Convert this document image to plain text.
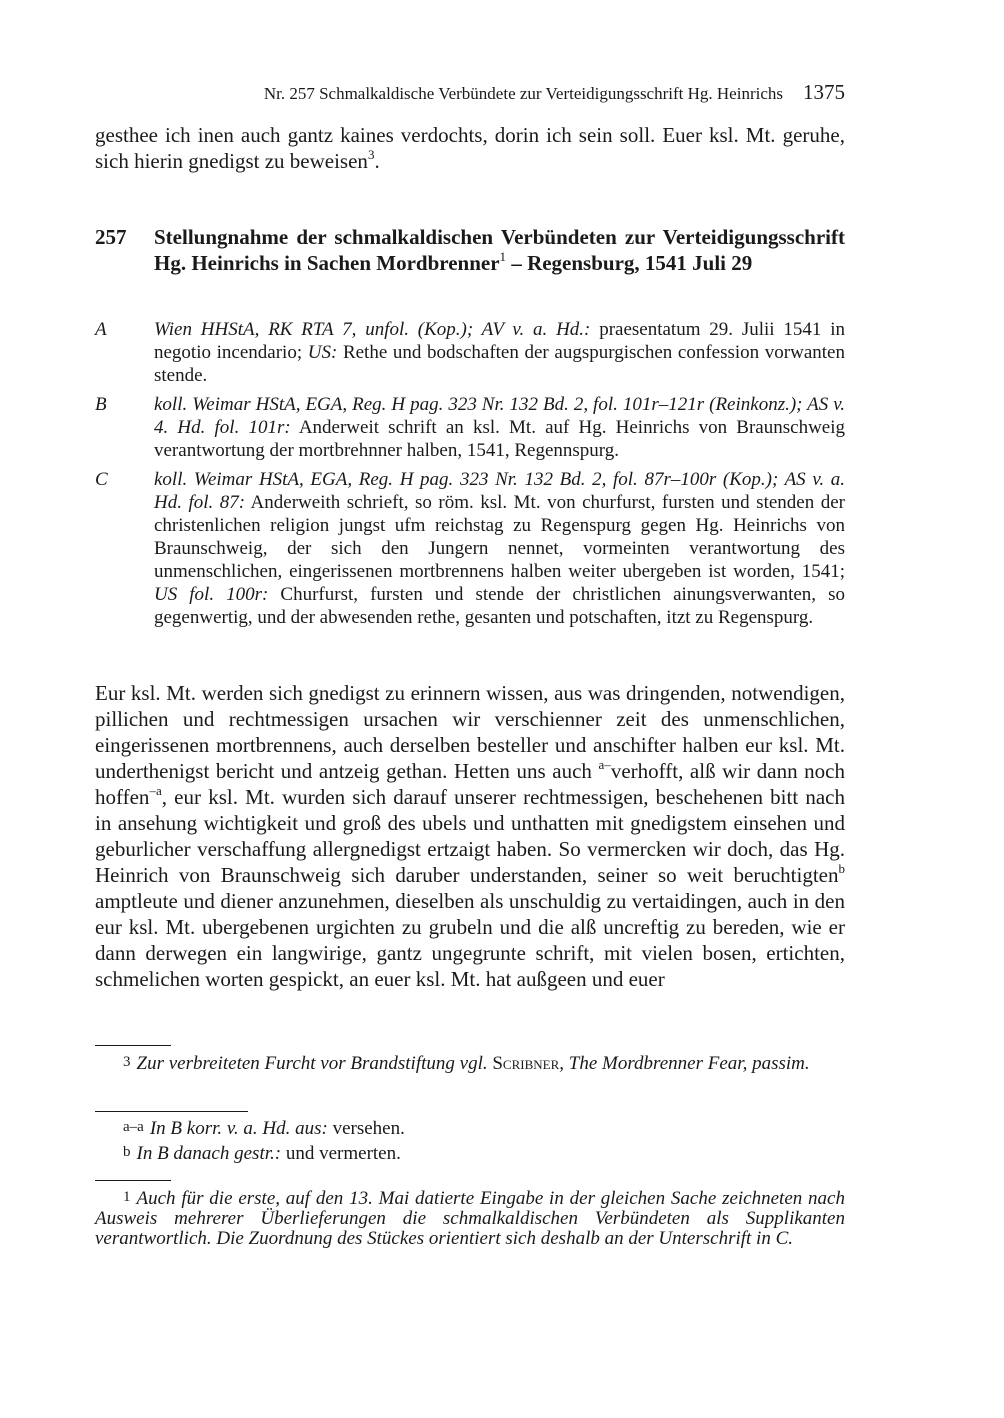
Nr. 257 Schmalkaldische Verbündete zur Verteidigungsschrift Hg. Heinrichs 1375
gesthee ich inen auch gantz kaines verdochts, dorin ich sein soll. Euer ksl. Mt. geruhe, sich hierin gnedigst zu beweisen$^3$.
257	Stellungnahme der schmalkaldischen Verbündeten zur Verteidigungsschrift Hg. Heinrichs in Sachen Mordbrenner$^1$ – Regensburg, 1541 Juli 29
A	Wien HHStA, RK RTA 7, unfol. (Kop.); AV v. a. Hd.: praesentatum 29. Julii 1541 in negotio incendario; US: Rethe und bodschaften der augspurgischen confession vorwanten stende.
B	koll. Weimar HStA, EGA, Reg. H pag. 323 Nr. 132 Bd. 2, fol. 101r–121r (Reinkonz.); AS v. 4. Hd. fol. 101r: Anderweit schrift an ksl. Mt. auf Hg. Heinrichs von Braunschweig verantwortung der mortbrehnner halben, 1541, Regennspurg.
C	koll. Weimar HStA, EGA, Reg. H pag. 323 Nr. 132 Bd. 2, fol. 87r–100r (Kop.); AS v. a. Hd. fol. 87: Anderweith schrieft, so röm. ksl. Mt. von churfurst, fursten und stenden der christenlichen religion jungst ufm reichstag zu Regenspurg gegen Hg. Heinrichs von Braunschweig, der sich den Jungern nennet, vormeinten verantwortung des unmenschlichen, eingerissenen mortbrennens halben weiter ubergeben ist worden, 1541; US fol. 100r: Churfurst, fursten und stende der christlichen ainungsverwanten, so gegenwertig, und der abwesenden rethe, gesanten und potschaften, itzt zu Regenspurg.
Eur ksl. Mt. werden sich gnedigst zu erinnern wissen, aus was dringenden, notwendigen, pillichen und rechtmessigen ursachen wir verschienner zeit des unmenschlichen, eingerissenen mortbrennens, auch derselben besteller und anschifter halben eur ksl. Mt. underthenigst bericht und antzeig gethan. Hetten uns auch $^{a-}$verhofft, alß wir dann noch hoffen$^{-a}$, eur ksl. Mt. wurden sich darauf unserer rechtmessigen, beschehenen bitt nach in ansehung wichtigkeit und groß des ubels und unthatten mit gnedigstem einsehen und geburlicher verschaffung allergnedigst ertzaigt haben. So vermercken wir doch, das Hg. Heinrich von Braunschweig sich daruber understanden, seiner so weit beruchtigten$^b$ amptleute und diener anzunehmen, dieselben als unschuldig zu vertaidingen, auch in den eur ksl. Mt. ubergebenen urgichten zu grubeln und die alß uncreftig zu bereden, wie er dann derwegen ein langwirige, gantz ungegrunte schrift, mit vielen bosen, ertichten, schmelichen worten gespickt, an euer ksl. Mt. hat außgeen und euer
3 Zur verbreiteten Furcht vor Brandstiftung vgl. Scribner, The Mordbrenner Fear, passim.
a–a In B korr. v. a. Hd. aus: versehen.
b In B danach gestr.: und vermerten.
1 Auch für die erste, auf den 13. Mai datierte Eingabe in der gleichen Sache zeichneten nach Ausweis mehrerer Überlieferungen die schmalkaldischen Verbündeten als Supplikanten verantwortlich. Die Zuordnung des Stückes orientiert sich deshalb an der Unterschrift in C.
